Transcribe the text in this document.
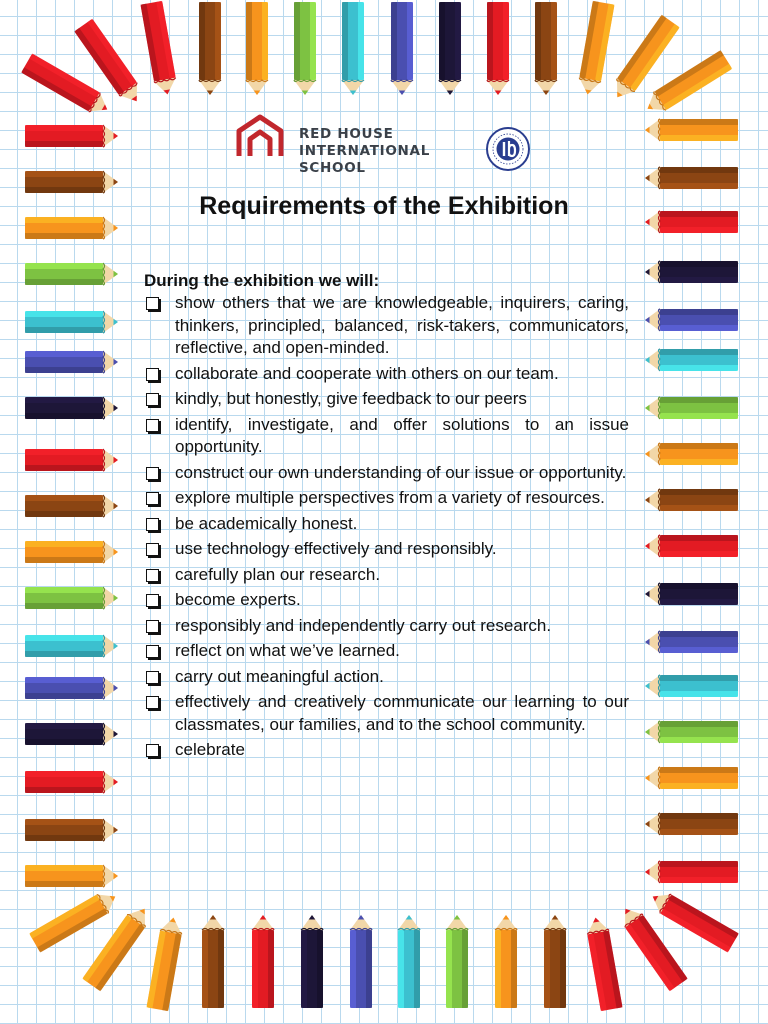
RED HOUSE
INTERNATIONAL
SCHOOL

Requirements of the Exhibition

During the exhibition we will:

show others that we are knowledgeable, inquirers, caring, thinkers, principled, balanced, risk-takers, communicators, reflective, and open-minded.
collaborate and cooperate with others on our team.
kindly, but honestly, give feedback to our peers
identify, investigate, and offer solutions to an issue opportunity.
construct our own understanding of our issue or opportunity.
explore multiple perspectives from a variety of resources.
be academically honest.
use technology effectively and responsibly.
carefully plan our research.
become experts.
responsibly and independently carry out research.
reflect on what we’ve learned.
carry out meaningful action.
effectively and creatively communicate our learning to our classmates, our families, and to the school community.
celebrate
